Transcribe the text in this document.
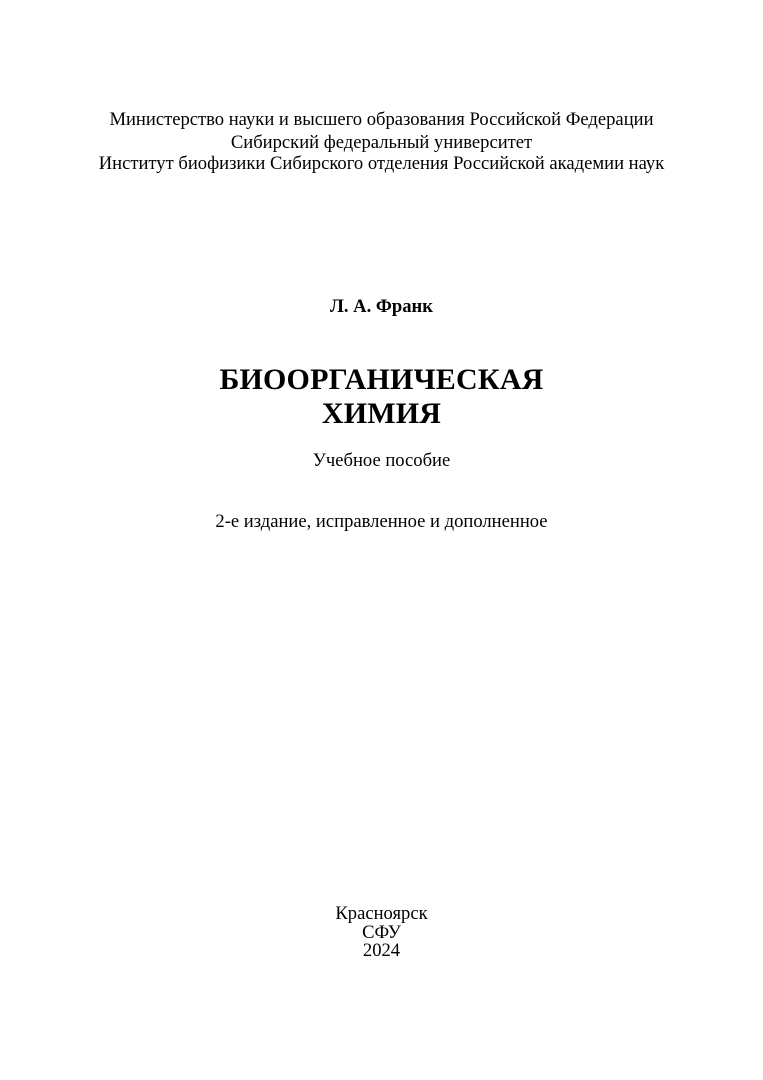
Министерство науки и высшего образования Российской Федерации
Сибирский федеральный университет
Институт биофизики Сибирского отделения Российской академии наук
Л. А. Франк
БИООРГАНИЧЕСКАЯ
ХИМИЯ
Учебное пособие
2-е издание, исправленное и дополненное
Красноярск
СФУ
2024
